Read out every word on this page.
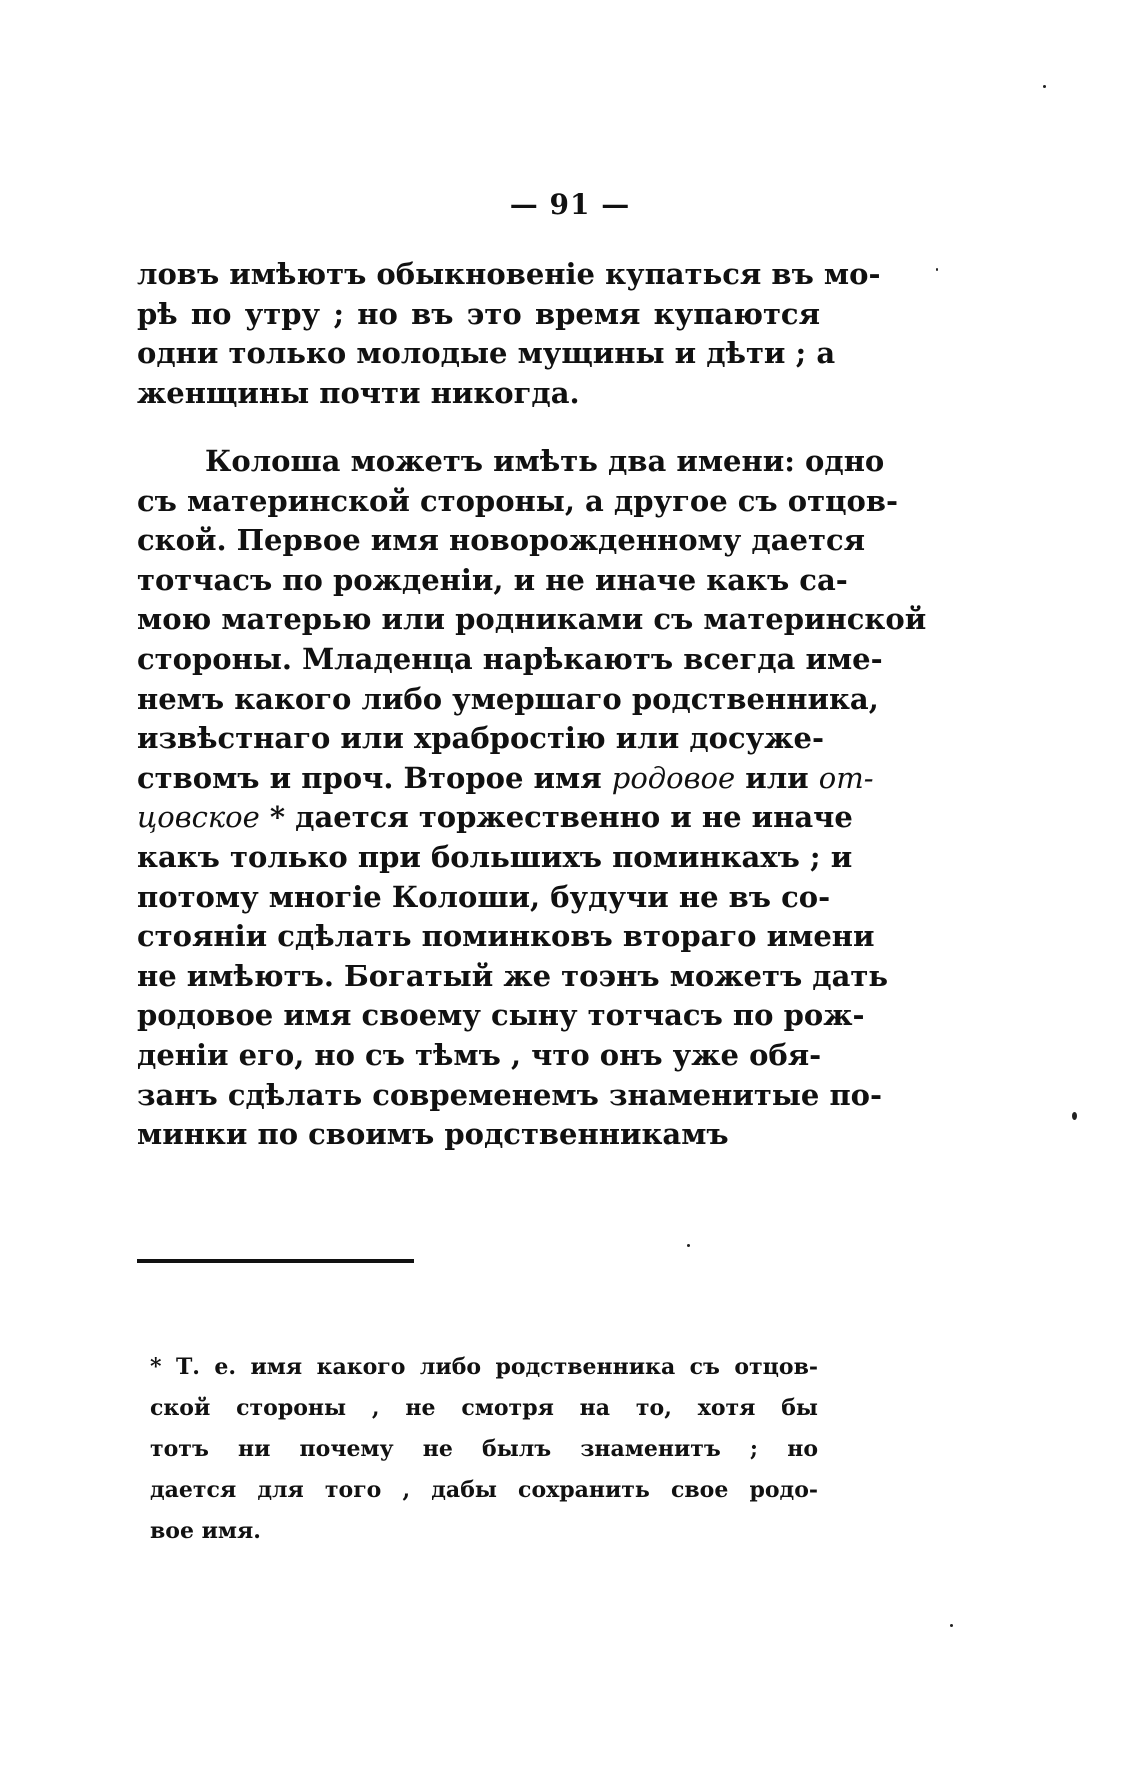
— 91 —
ловъ имѣютъ обыкновеніе купаться въ мо-
рѣ по утру ; но въ это время купаются
одни только молодые мущины и дѣти ; а
женщины почти никогда.
Колоша можетъ имѣть два имени: одно
съ материнской стороны, а другое съ отцов-
ской. Первое имя новорожденному дается
тотчасъ по рожденіи, и не иначе какъ са-
мою матерью или родниками съ материнской
стороны. Младенца нарѣкаютъ всегда име-
немъ какого либо умершаго родственника,
извѣстнаго или храбростію или досуже-
ствомъ и проч. Второе имя родовое или от-
цовское * дается торжественно и не иначе
какъ только при большихъ поминкахъ ; и
потому многіе Колоши, будучи не въ со-
стояніи сдѣлать поминковъ втораго имени
не имѣютъ. Богатый же тоэнъ можетъ дать
родовое имя своему сыну тотчасъ по рож-
деніи его, но съ тѣмъ , что онъ уже обя-
занъ сдѣлать современемъ знаменитые по-
минки по своимъ родственникамъ
* Т. е. имя какого либо родственника съ отцов-
ской стороны , не смотря на то, хотя бы
тотъ ни почему не былъ знаменитъ ; но
дается для того , дабы сохранить свое родо-
вое имя.
